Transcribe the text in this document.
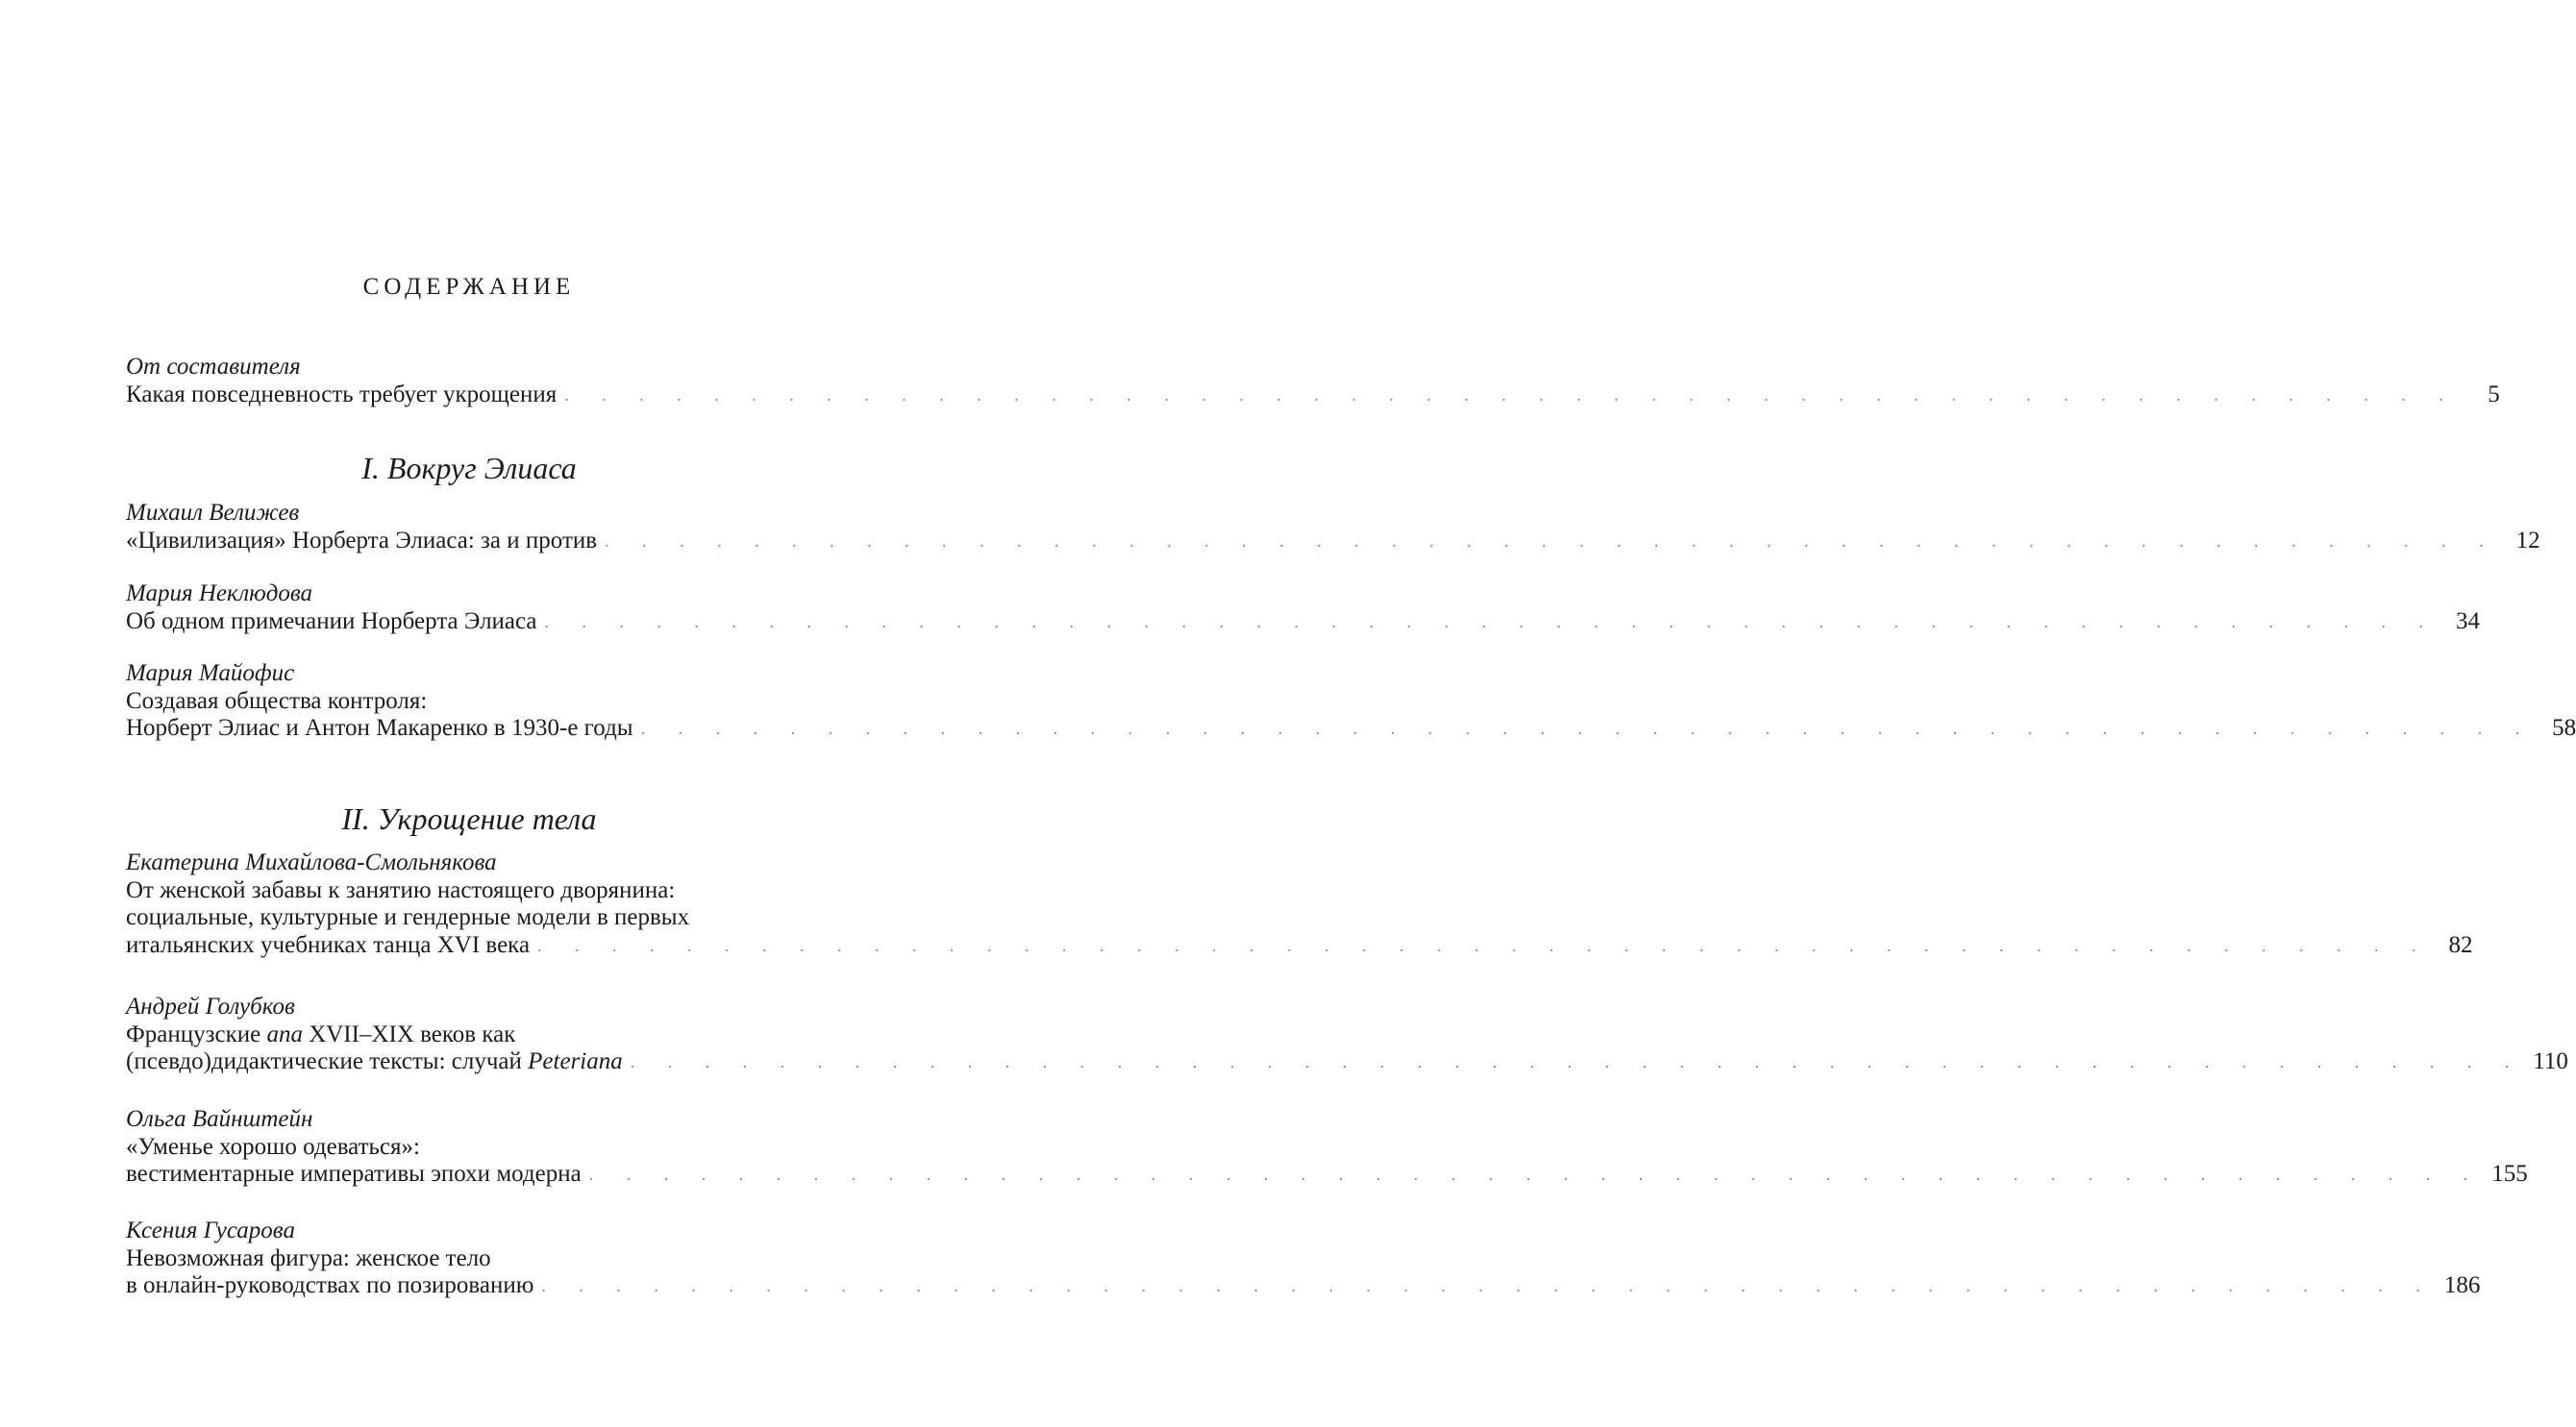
СОДЕРЖАНИЕ
От составителя
Какая повседневность требует укрощения . . . . . . . . . . . . . . . . . . . . . . . . . . . . . . . . . . . . . . . . . . . . . . . . . . .	5
I. Вокруг Элиаса
Михаил Велижев
«Цивилизация» Норберта Элиаса: за и против . . . . . . . . . . . . . . . . . . . . . . . . . . . . . . . . . . . . . . . . . . . . . . . . . . . 12
Мария Неклюдова
Об одном примечании Норберта Элиаса . . . . . . . . . . . . . . . . . . . . . . . . . . . . . . . . . . . . . . . . . . . . . . . . . . . 34
Мария Майофис
Создавая общества контроля:
Норберт Элиас и Антон Макаренко в 1930-е годы . . . . . . . . . . . . . . . . . . . . . . . . . . . . . . . . . . . . . . . . . . . . . . . . . . . 58
II. Укрощение тела
Екатерина Михайлова-Смольнякова
От женской забавы к занятию настоящего дворянина:
социальные, культурные и гендерные модели в первых
итальянских учебниках танца XVI века . . . . . . . . . . . . . . . . . . . . . . . . . . . . . . . . . . . . . . . . . . . . . . . . . . . 82
Андрей Голубков
Французские ana XVII–XIX веков как
(псевдо)дидактические тексты: случай Peteriana . . . . . . . . . . . . . . . . . . . . . . . . . . . . . . . . . . . . . . . . . . . . . . . . . . . 110
Ольга Вайнштейн
«Уменье хорошо одеваться»:
вестиментарные императивы эпохи модерна . . . . . . . . . . . . . . . . . . . . . . . . . . . . . . . . . . . . . . . . . . . . . . . . . . . 155
Ксения Гусарова
Невозможная фигура: женское тело
в онлайн-руководствах по позированию . . . . . . . . . . . . . . . . . . . . . . . . . . . . . . . . . . . . . . . . . . . . . . . . . . . 186
